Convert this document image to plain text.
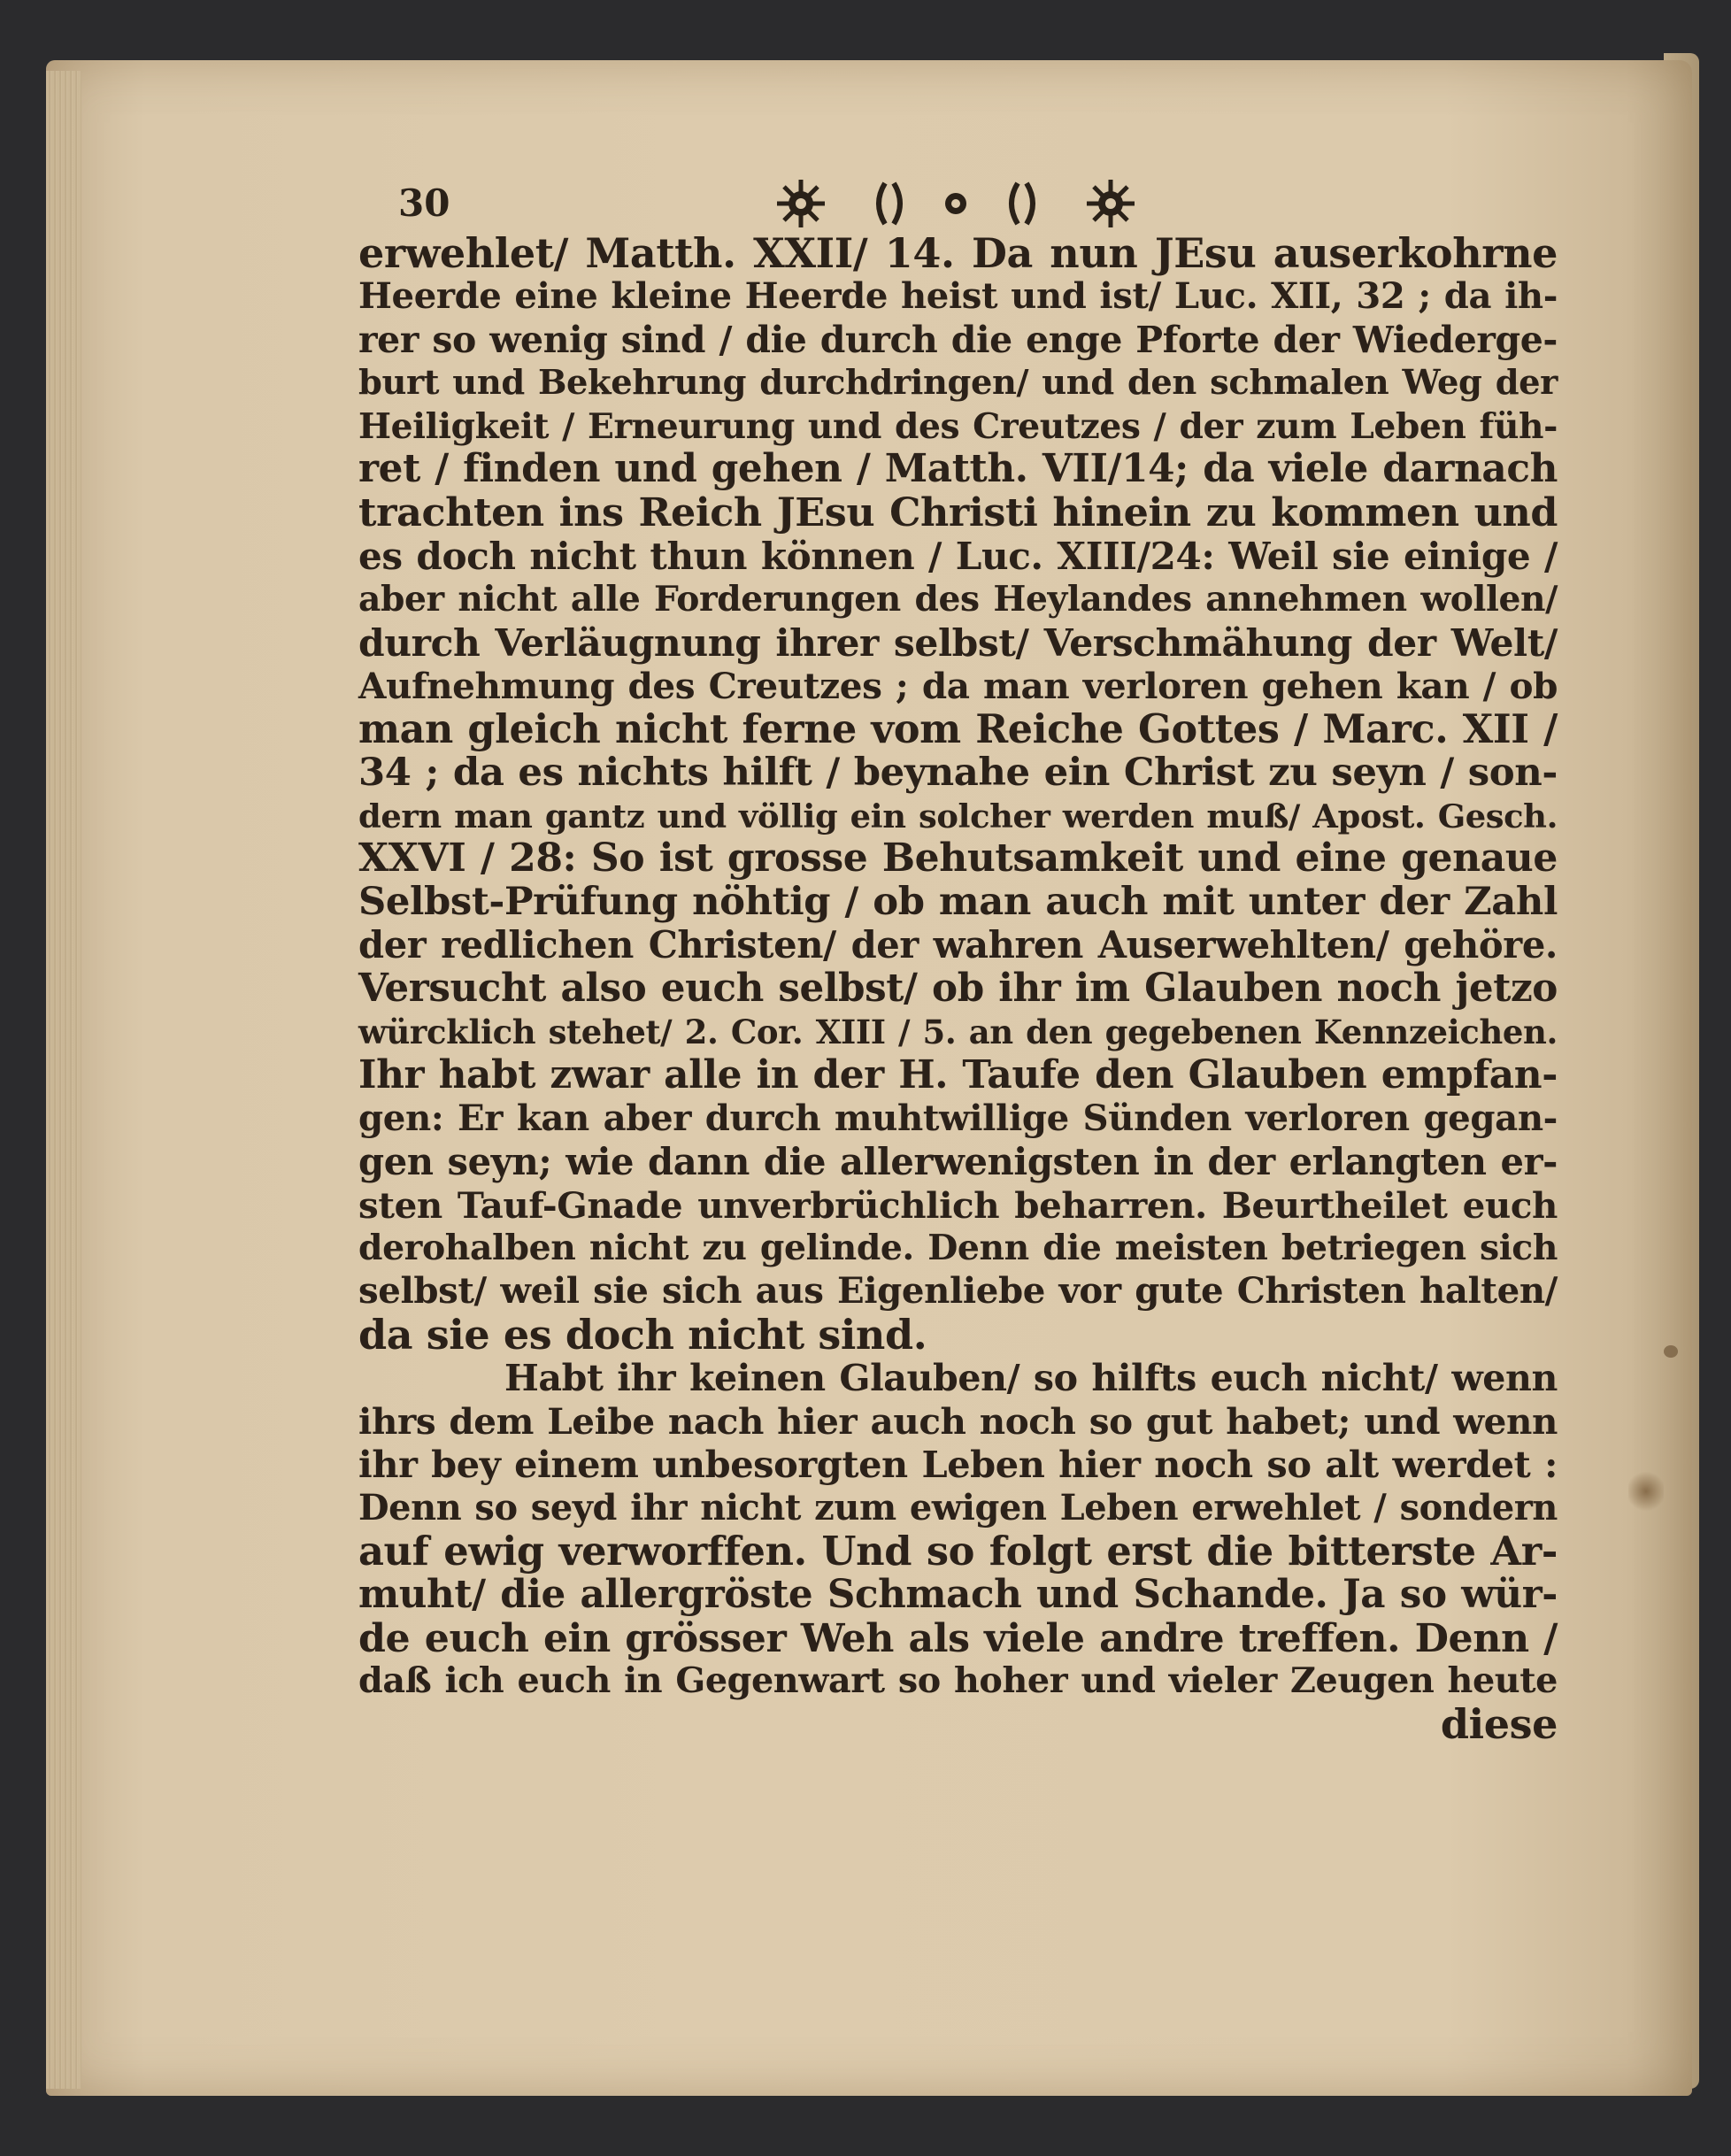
30
erwehlet/ Matth. XXII/ 14. Da nun JEsu auserkohrne
Heerde eine kleine Heerde heist und ist/ Luc. XII, 32 ; da ih-
rer so wenig sind / die durch die enge Pforte der Wiederge-
burt und Bekehrung durchdringen/ und den schmalen Weg der
Heiligkeit / Erneurung und des Creutzes / der zum Leben füh-
ret / finden und gehen / Matth. VII/14; da viele darnach
trachten ins Reich JEsu Christi hinein zu kommen und
es doch nicht thun können / Luc. XIII/24: Weil sie einige /
aber nicht alle Forderungen des Heylandes annehmen wollen/
durch Verläugnung ihrer selbst/ Verschmähung der Welt/
Aufnehmung des Creutzes ; da man verloren gehen kan / ob
man gleich nicht ferne vom Reiche Gottes / Marc. XII /
34 ; da es nichts hilft / beynahe ein Christ zu seyn / son-
dern man gantz und völlig ein solcher werden muß/ Apost. Gesch.
XXVI / 28: So ist grosse Behutsamkeit und eine genaue
Selbst-Prüfung nöhtig / ob man auch mit unter der Zahl
der redlichen Christen/ der wahren Auserwehlten/ gehöre.
Versucht also euch selbst/ ob ihr im Glauben noch jetzo
würcklich stehet/ 2. Cor. XIII / 5. an den gegebenen Kennzeichen.
Ihr habt zwar alle in der H. Taufe den Glauben empfan-
gen: Er kan aber durch muhtwillige Sünden verloren gegan-
gen seyn; wie dann die allerwenigsten in der erlangten er-
sten Tauf-Gnade unverbrüchlich beharren. Beurtheilet euch
derohalben nicht zu gelinde. Denn die meisten betriegen sich
selbst/ weil sie sich aus Eigenliebe vor gute Christen halten/
da sie es doch nicht sind.
Habt ihr keinen Glauben/ so hilfts euch nicht/ wenn
ihrs dem Leibe nach hier auch noch so gut habet; und wenn
ihr bey einem unbesorgten Leben hier noch so alt werdet :
Denn so seyd ihr nicht zum ewigen Leben erwehlet / sondern
auf ewig verworffen. Und so folgt erst die bitterste Ar-
muht/ die allergröste Schmach und Schande. Ja so wür-
de euch ein grösser Weh als viele andre treffen. Denn /
daß ich euch in Gegenwart so hoher und vieler Zeugen heute
diese
